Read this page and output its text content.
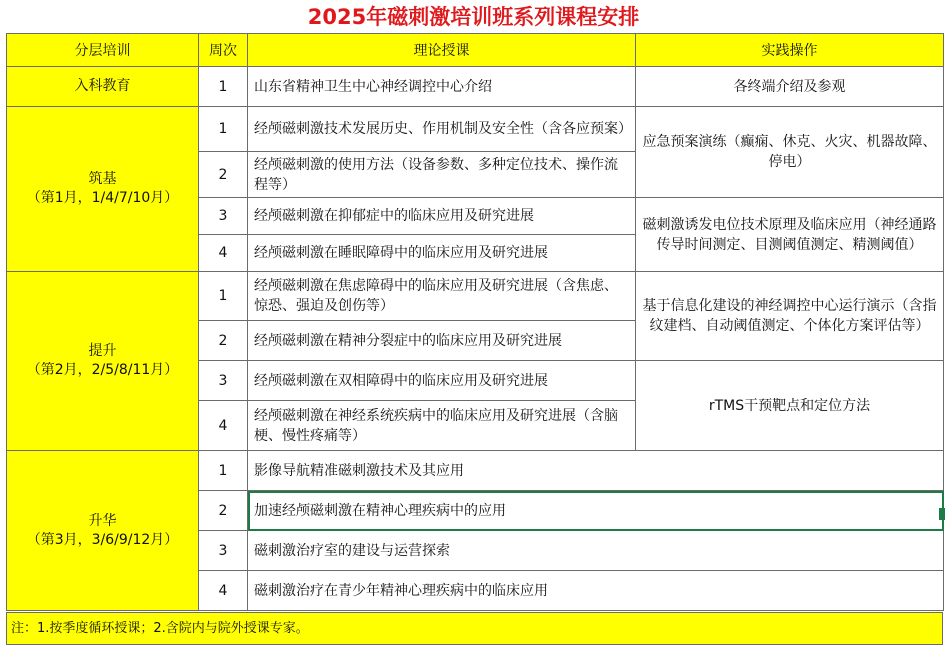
2025年磁刺激培训班系列课程安排
分层培训	周次	理论授课	实践操作

入科教育	1	山东省精神卫生中心神经调控中心介绍	各终端介绍及参观

筑基
（第1月，1/4/7/10月）	1	经颅磁刺激技术发展历史、作用机制及安全性（含各应预案）	应急预案演练（癫痫、休克、火灾、机器故障、停电）
	2	经颅磁刺激的使用方法（设备参数、多种定位技术、操作流程等）	
	3	经颅磁刺激在抑郁症中的临床应用及研究进展	磁刺激诱发电位技术原理及临床应用（神经通路传导时间测定、目测阈值测定、精测阈值）
	4	经颅磁刺激在睡眠障碍中的临床应用及研究进展	

提升
（第2月，2/5/8/11月）	1	经颅磁刺激在焦虑障碍中的临床应用及研究进展（含焦虑、惊恐、强迫及创伤等）	基于信息化建设的神经调控中心运行演示（含指纹建档、自动阈值测定、个体化方案评估等）
	2	经颅磁刺激在精神分裂症中的临床应用及研究进展	
	3	经颅磁刺激在双相障碍中的临床应用及研究进展	rTMS干预靶点和定位方法
	4	经颅磁刺激在神经系统疾病中的临床应用及研究进展（含脑梗、慢性疼痛等）	

升华
（第3月，3/6/9/12月）	1	影像导航精准磁刺激技术及其应用	
	2	加速经颅磁刺激在精神心理疾病中的应用	
	3	磁刺激治疗室的建设与运营探索	
	4	磁刺激治疗在青少年精神心理疾病中的临床应用	
注：1.按季度循环授课；2.含院内与院外授课专家。
